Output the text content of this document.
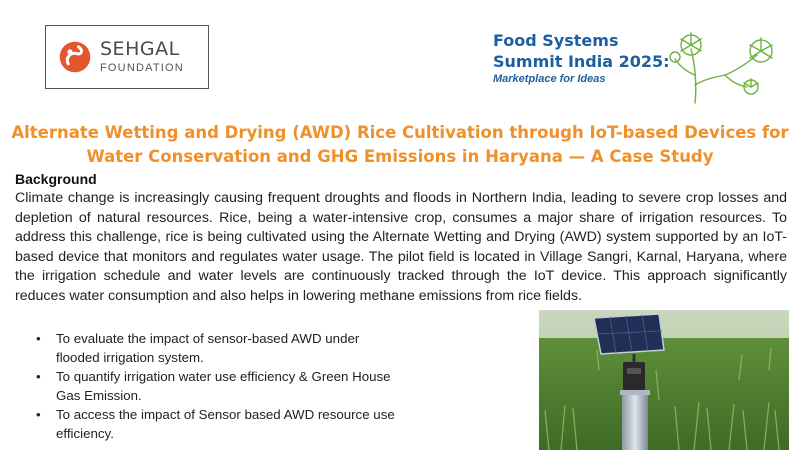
SEHGAL
FOUNDATION
Food Systems
Summit India 2025:
Marketplace for Ideas
Alternate Wetting and Drying (AWD) Rice Cultivation through IoT-based Devices for
Water Conservation and GHG Emissions in Haryana — A Case Study
Background

Climate change is increasingly causing frequent droughts and floods in Northern India, leading to severe crop losses and depletion of natural resources. Rice, being a water-intensive crop, consumes a major share of irrigation resources. To address this challenge, rice is being cultivated using the Alternate Wetting and Drying (AWD) system supported by an IoT-based device that monitors and regulates water usage. The pilot field is located in Village Sangri, Karnal, Haryana, where the irrigation schedule and water levels are continuously tracked through the IoT device. This approach significantly reduces water consumption and also helps in lowering methane emissions from rice fields.

• To evaluate the impact of sensor-based AWD under flooded irrigation system.
• To quantify irrigation water use efficiency & Green House Gas Emission.
• To access the impact of Sensor based AWD resource use efficiency.
